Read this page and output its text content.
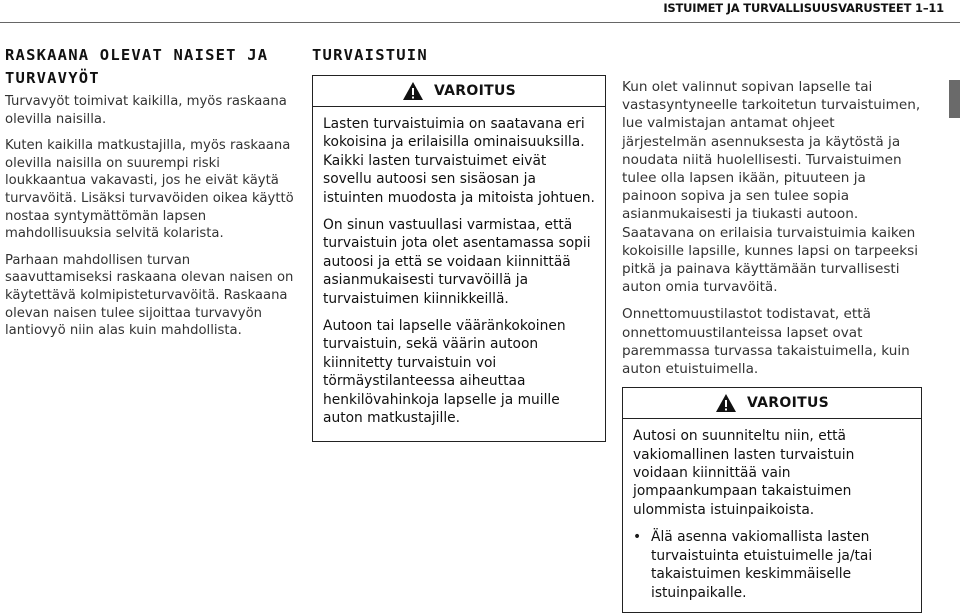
ISTUIMET JA TURVALLISUUSVARUSTEET 1–11
RASKAANA OLEVAT NAISET JA TURVAVYÖT

Turvavyöt toimivat kaikilla, myös raskaana olevilla naisilla.

Kuten kaikilla matkustajilla, myös raskaana olevilla naisilla on suurempi riski loukkaantua vakavasti, jos he eivät käytä turvavöitä. Lisäksi turvavöiden oikea käyttö nostaa syntymättömän lapsen mahdollisuuksia selvitä kolarista.

Parhaan mahdollisen turvan saavuttamiseksi raskaana olevan naisen on käytettävä kolmipisteturvavöitä. Raskaana olevan naisen tulee sijoittaa turvavyön lantiovyö niin alas kuin mahdollista.

TURVAISTUIN
VAROITUS

Lasten turvaistuimia on saatavana eri kokoisina ja erilaisilla ominaisuuksilla. Kaikki lasten turvaistuimet eivät sovellu autoosi sen sisäosan ja istuinten muodosta ja mitoista johtuen.

On sinun vastuullasi varmistaa, että turvaistuin jota olet asentamassa sopii autoosi ja että se voidaan kiinnittää asianmukaisesti turvavöillä ja turvaistuimen kiinnikkeillä.

Autoon tai lapselle vääränkokoinen turvaistuin, sekä väärin autoon kiinnitetty turvaistuin voi törmäystilanteessa aiheuttaa henkilövahinkoja lapselle ja muille auton matkustajille.

Kun olet valinnut sopivan lapselle tai vastasyntyneelle tarkoitetun turvaistuimen, lue valmistajan antamat ohjeet järjestelmän asennuksesta ja käytöstä ja noudata niitä huolellisesti. Turvaistuimen tulee olla lapsen ikään, pituuteen ja painoon sopiva ja sen tulee sopia asianmukaisesti ja tiukasti autoon. Saatavana on erilaisia turvaistuimia kaiken kokoisille lapsille, kunnes lapsi on tarpeeksi pitkä ja painava käyttämään turvallisesti auton omia turvavöitä.

Onnettomuustilastot todistavat, että onnettomuustilanteissa lapset ovat paremmassa turvassa takaistuimella, kuin auton etuistuimella.

VAROITUS

Autosi on suunniteltu niin, että vakiomallinen lasten turvaistuin voidaan kiinnittää vain jompaankumpaan takaistuimen ulommista istuinpaikoista.

• Älä asenna vakiomallista lasten turvaistuinta etuistuimelle ja/tai takaistuimen keskimmäiselle istuinpaikalle.
